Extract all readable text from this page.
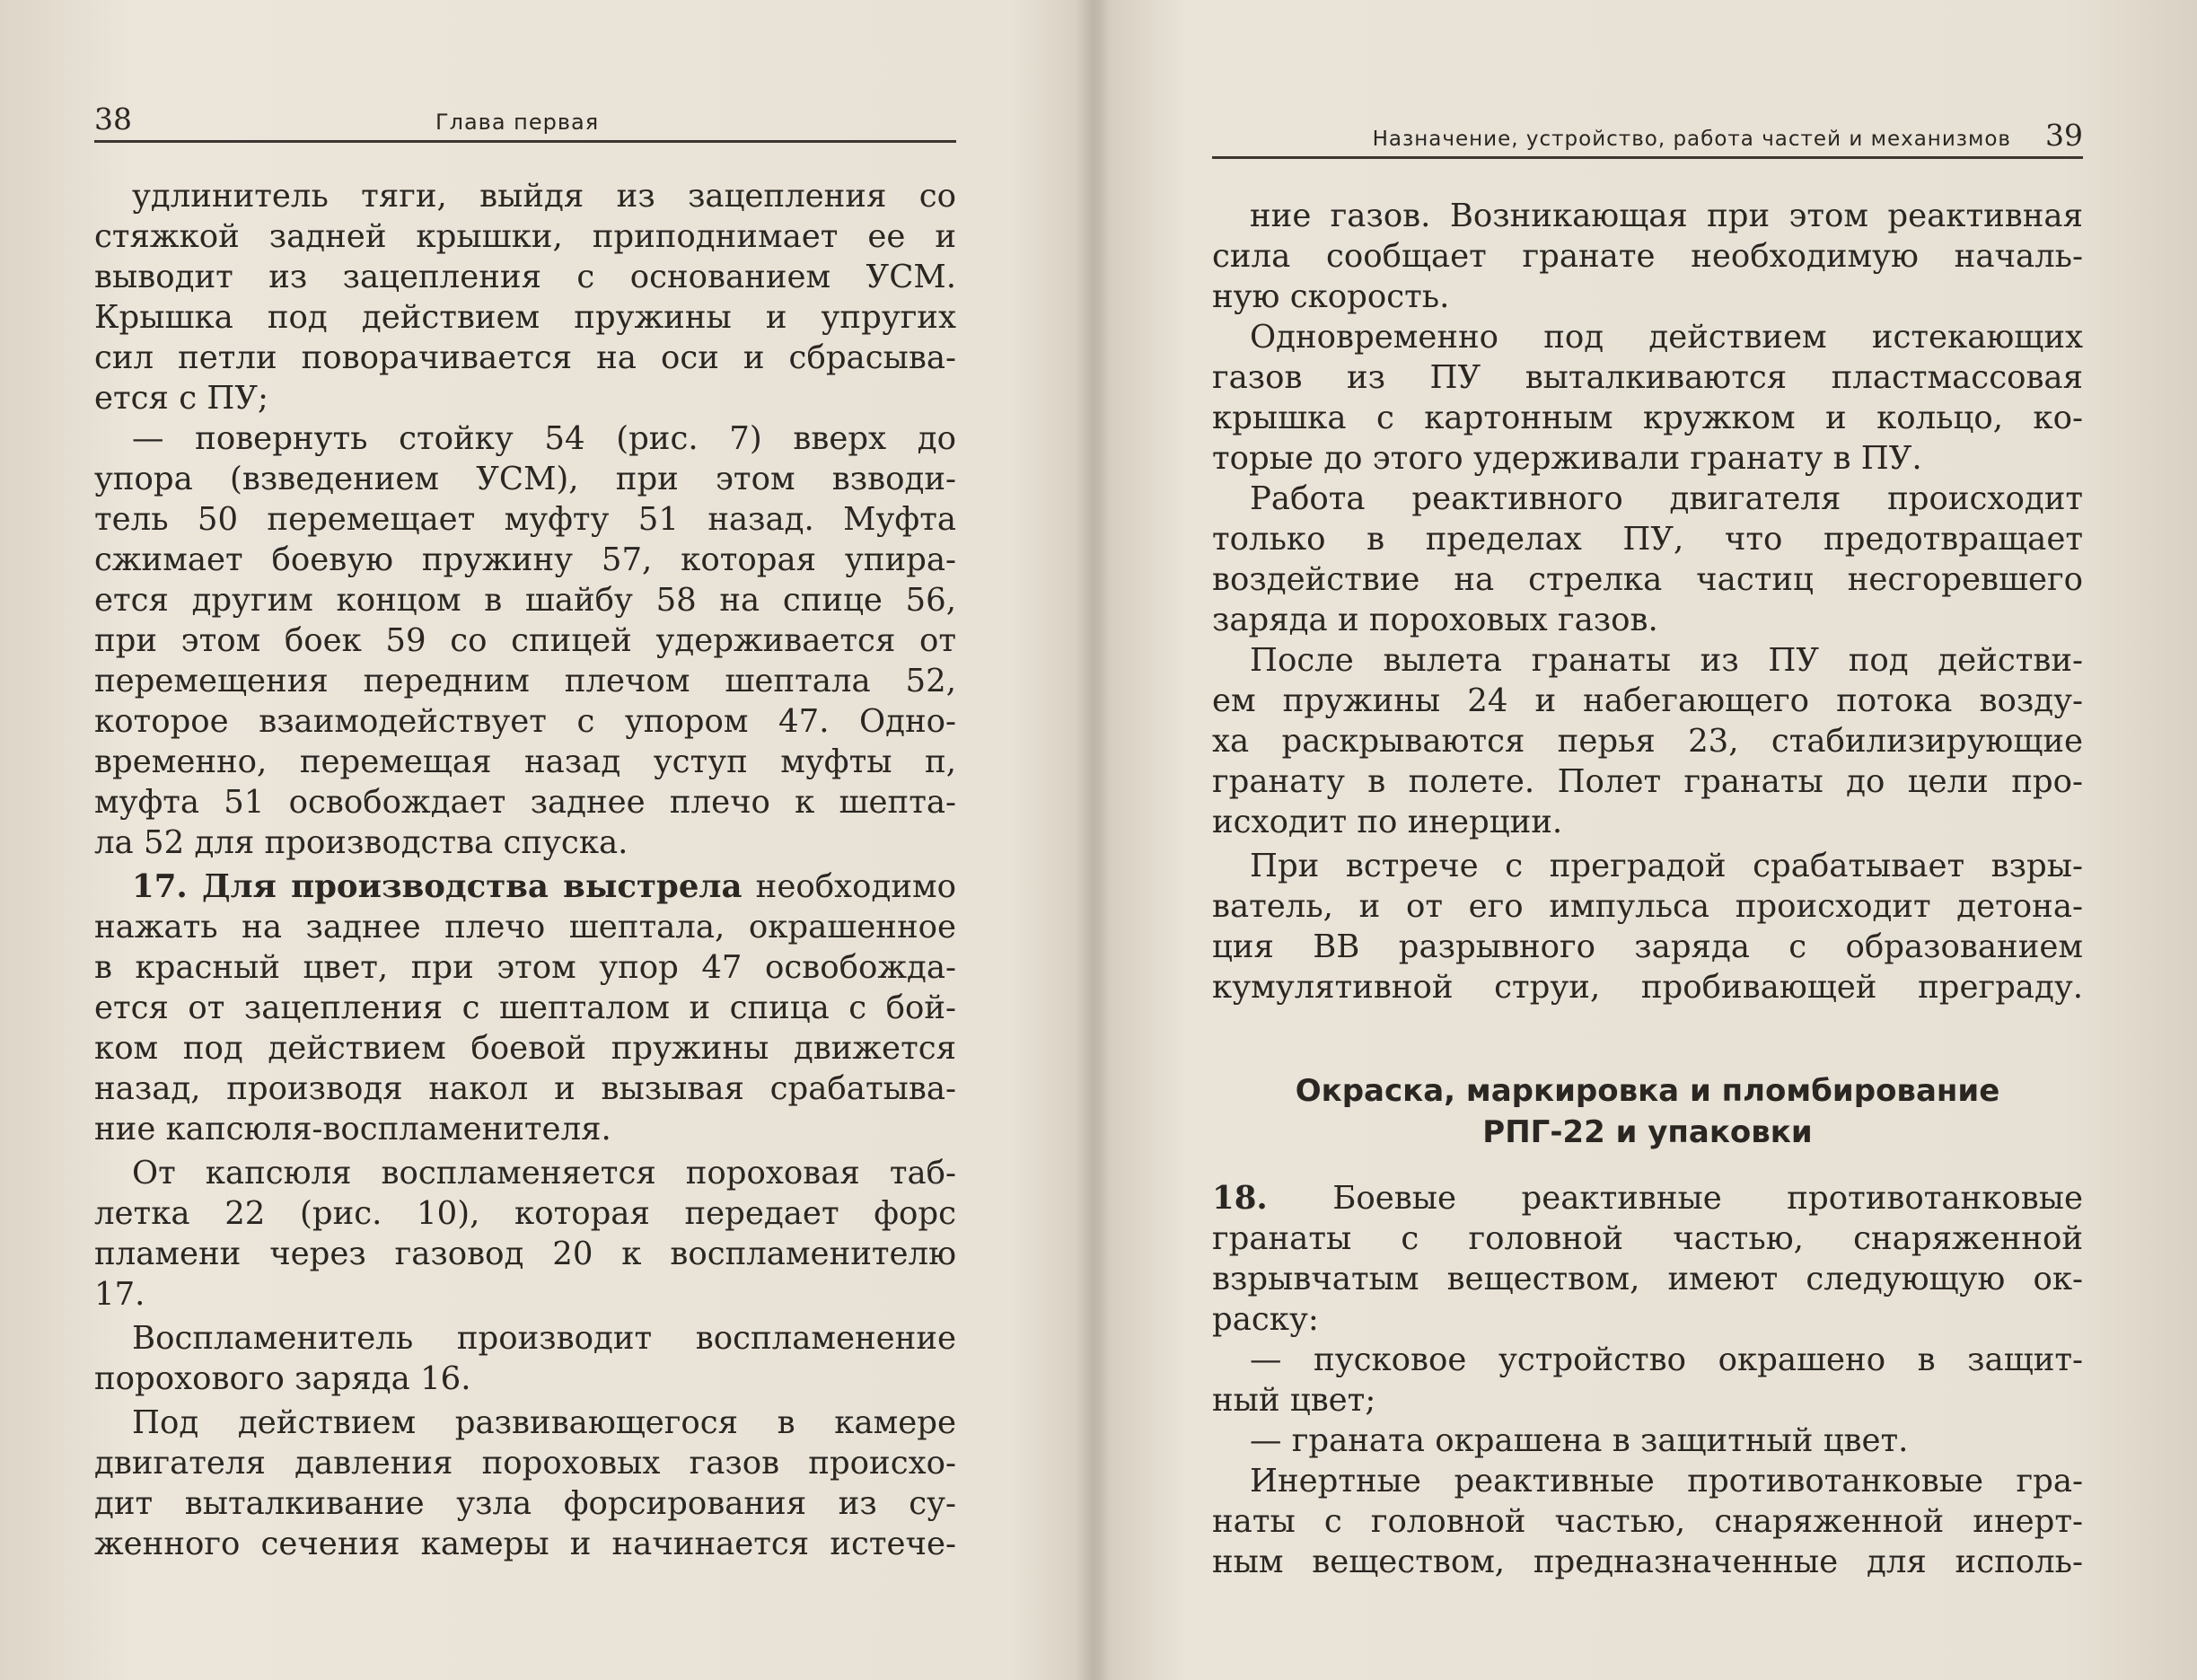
38	Глава первая
удлинитель тяги, выйдя из зацепления со
стяжкой задней крышки, приподнимает ее и
выводит из зацепления с основанием УСМ.
Крышка под действием пружины и упругих
сил петли поворачивается на оси и сбрасыва-
ется с ПУ;
— повернуть стойку 54 (рис. 7) вверх до
упора (взведением УСМ), при этом взводи-
тель 50 перемещает муфту 51 назад. Муфта
сжимает боевую пружину 57, которая упира-
ется другим концом в шайбу 58 на спице 56,
при этом боек 59 со спицей удерживается от
перемещения передним плечом шептала 52,
которое взаимодействует с упором 47. Одно-
временно, перемещая назад уступ муфты п,
муфта 51 освобождает заднее плечо к шепта-
ла 52 для производства спуска.
17. Для производства выстрела необходимо
нажать на заднее плечо шептала, окрашенное
в красный цвет, при этом упор 47 освобожда-
ется от зацепления с шепталом и спица с бой-
ком под действием боевой пружины движется
назад, производя накол и вызывая срабатыва-
ние капсюля-воспламенителя.
От капсюля воспламеняется пороховая таб-
летка 22 (рис. 10), которая передает форс
пламени через газовод 20 к воспламенителю
17.
Воспламенитель производит воспламенение
порохового заряда 16.
Под действием развивающегося в камере
двигателя давления пороховых газов происхо-
дит выталкивание узла форсирования из су-
женного сечения камеры и начинается истече-
Назначение, устройство, работа частей и механизмов 39
ние газов. Возникающая при этом реактивная
сила сообщает гранате необходимую началь-
ную скорость.
Одновременно под действием истекающих
газов из ПУ выталкиваются пластмассовая
крышка с картонным кружком и кольцо, ко-
торые до этого удерживали гранату в ПУ.
Работа реактивного двигателя происходит
только в пределах ПУ, что предотвращает
воздействие на стрелка частиц несгоревшего
заряда и пороховых газов.
После вылета гранаты из ПУ под действи-
ем пружины 24 и набегающего потока возду-
ха раскрываются перья 23, стабилизирующие
гранату в полете. Полет гранаты до цели про-
исходит по инерции.
При встрече с преградой срабатывает взры-
ватель, и от его импульса происходит детона-
ция ВВ разрывного заряда с образованием
кумулятивной струи, пробивающей преграду.
Окраска, маркировка и пломбирование
РПГ-22 и упаковки
18. Боевые реактивные противотанковые
гранаты с головной частью, снаряженной
взрывчатым веществом, имеют следующую ок-
раску:
— пусковое устройство окрашено в защит-
ный цвет;
— граната окрашена в защитный цвет.
Инертные реактивные противотанковые гра-
наты с головной частью, снаряженной инерт-
ным веществом, предназначенные для исполь-
